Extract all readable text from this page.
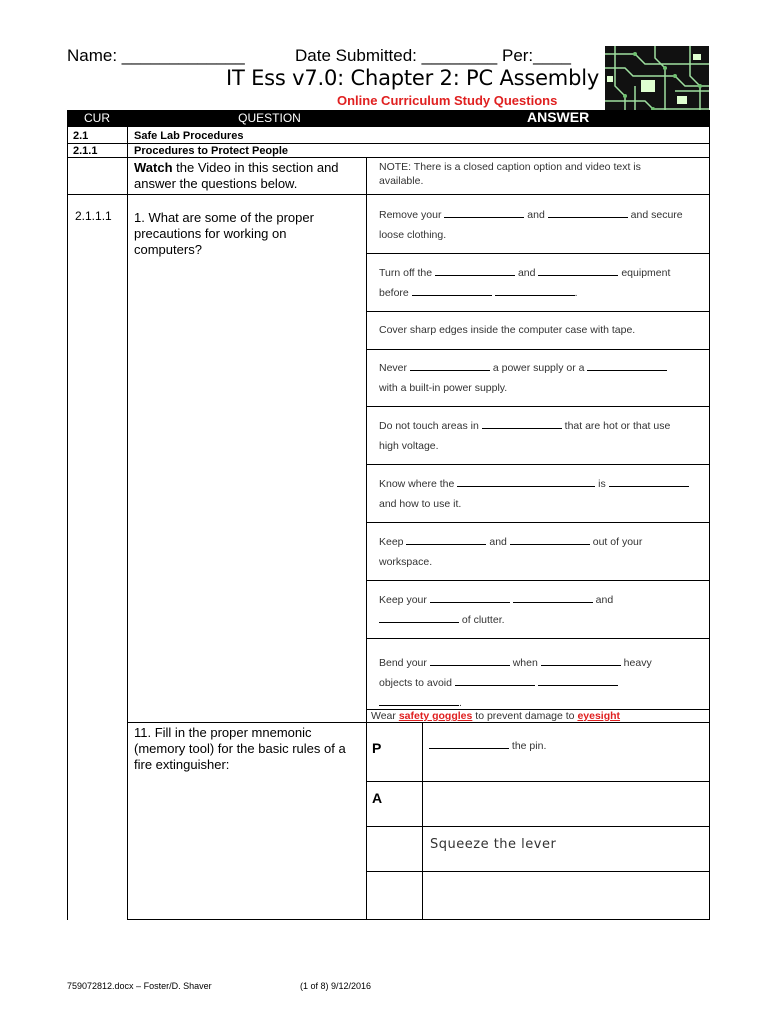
Name: _____________	Date Submitted: ________ Per:____
IT Ess v7.0: Chapter 2: PC Assembly
Online Curriculum Study Questions
CUR	QUESTION	ANSWER
2.1	Safe Lab Procedures
2.1.1	Procedures to Protect People
Watch the Video in this section and answer the questions below.
NOTE: There is a closed caption option and video text is available.
2.1.1.1 1. What are some of the proper precautions for working on computers?
Remove your	and	and secure
loose clothing.
Turn off the	and	equipment
before	.
Cover sharp edges inside the computer case with tape.
Never	a power supply or a
with a built-in power supply.
Do not touch areas in	that are hot or that use
high voltage.
Know where the	is
and how to use it.
Keep	and	out of your
workspace.
Keep your	and
of clutter.
Bend your	when	heavy
objects to avoid
.
Wear safety goggles to prevent damage to eyesight
11. Fill in the proper mnemonic (memory tool) for the basic rules of a fire extinguisher:
P	the pin.
A
Squeeze the lever
759072812.docx – Foster/D. Shaver	(1 of 8) 9/12/2016
